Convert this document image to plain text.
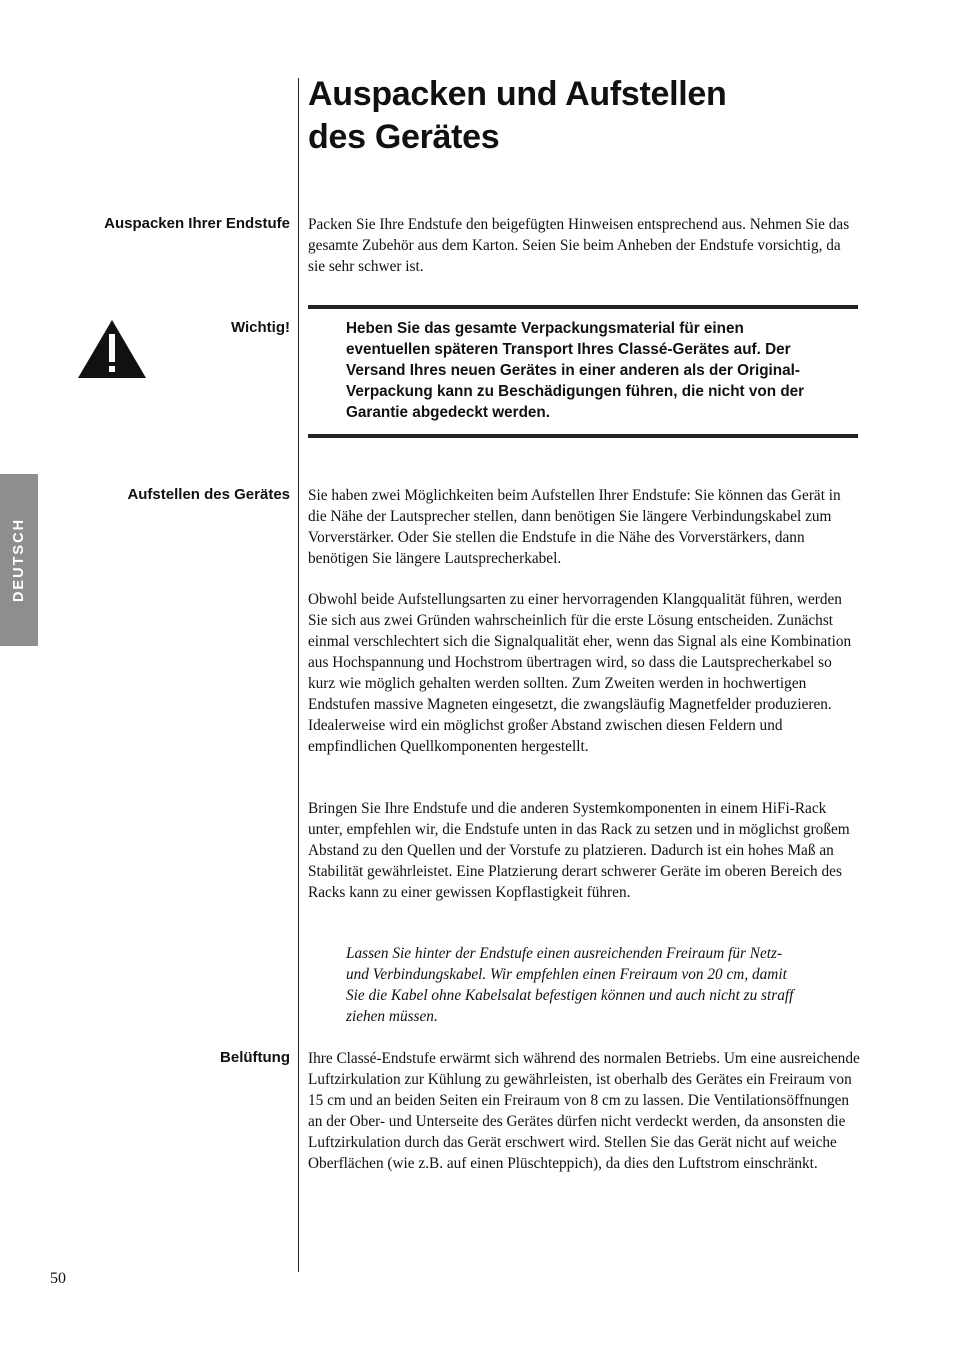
Auspacken und Aufstellen
des Gerätes
DEUTSCH
Auspacken Ihrer Endstufe Packen Sie Ihre Endstufe den beigefügten Hinweisen entsprechend aus. Nehmen Sie das gesamte Zubehör aus dem Karton. Seien Sie beim Anheben der Endstufe vorsichtig, da sie sehr schwer ist.

Wichtig!	Heben Sie das gesamte Verpackungsmaterial für einen eventuellen späteren Transport Ihres Classé-Gerätes auf. Der Versand Ihres neuen Gerätes in einer anderen als der Original-Verpackung kann zu Beschädigungen führen, die nicht von der Garantie abgedeckt werden.

Aufstellen des Gerätes Sie haben zwei Möglichkeiten beim Aufstellen Ihrer Endstufe: Sie können das Gerät in die Nähe der Lautsprecher stellen, dann benötigen Sie längere Verbindungskabel zum Vorverstärker. Oder Sie stellen die Endstufe in die Nähe des Vorverstärkers, dann benötigen Sie längere Lautsprecherkabel.

Obwohl beide Aufstellungsarten zu einer hervorragenden Klangqualität führen, werden Sie sich aus zwei Gründen wahrscheinlich für die erste Lösung entscheiden. Zunächst einmal verschlechtert sich die Signalqualität eher, wenn das Signal als eine Kombination aus Hochspannung und Hochstrom übertragen wird, so dass die Lautsprecherkabel so kurz wie möglich gehalten werden sollten. Zum Zweiten werden in hochwertigen Endstufen massive Magneten eingesetzt, die zwangsläufig Magnetfelder produzieren. Idealerweise wird ein möglichst großer Abstand zwischen diesen Feldern und empfindlichen Quellkomponenten hergestellt.

Bringen Sie Ihre Endstufe und die anderen Systemkomponenten in einem HiFi-Rack unter, empfehlen wir, die Endstufe unten in das Rack zu setzen und in möglichst großem Abstand zu den Quellen und der Vorstufe zu platzieren. Dadurch ist ein hohes Maß an Stabilität gewährleistet. Eine Platzierung derart schwerer Geräte im oberen Bereich des Racks kann zu einer gewissen Kopflastigkeit führen.

Lassen Sie hinter der Endstufe einen ausreichenden Freiraum für Netz- und Verbindungskabel. Wir empfehlen einen Freiraum von 20 cm, damit Sie die Kabel ohne Kabelsalat befestigen können und auch nicht zu straff ziehen müssen.

Belüftung Ihre Classé-Endstufe erwärmt sich während des normalen Betriebs. Um eine ausreichende Luftzirkulation zur Kühlung zu gewährleisten, ist oberhalb des Gerätes ein Freiraum von 15 cm und an beiden Seiten ein Freiraum von 8 cm zu lassen. Die Ventilationsöffnungen an der Ober- und Unterseite des Gerätes dürfen nicht verdeckt werden, da ansonsten die Luftzirkulation durch das Gerät erschwert wird. Stellen Sie das Gerät nicht auf weiche Oberflächen (wie z.B. auf einen Plüschteppich), da dies den Luftstrom einschränkt.

50
